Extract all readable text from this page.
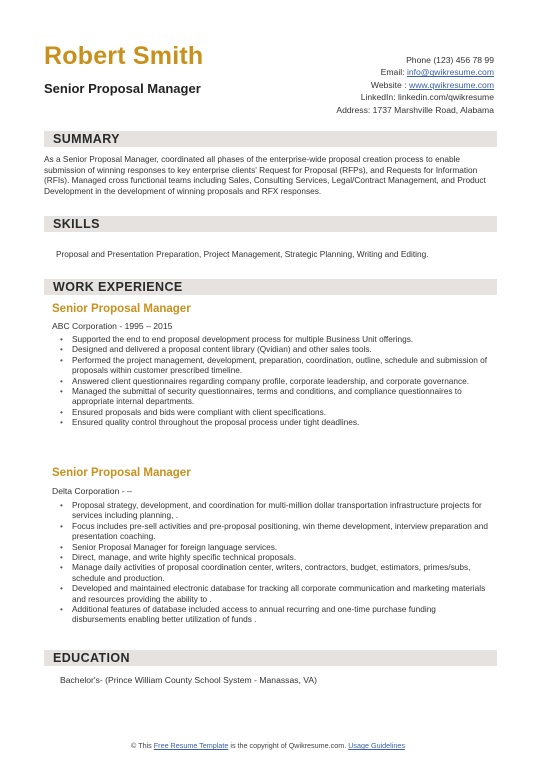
Robert Smith
Senior Proposal Manager
Phone (123) 456 78 99
Email: info@qwikresume.com
Website : www.qwikresume.com
LinkedIn: linkedin.com/qwikresume
Address: 1737 Marshville Road, Alabama
SUMMARY
As a Senior Proposal Manager, coordinated all phases of the enterprise-wide proposal creation process to enable submission of winning responses to key enterprise clients' Request for Proposal (RFPs), and Requests for Information (RFIs). Managed cross functional teams including Sales, Consulting Services, Legal/Contract Management, and Product Development in the development of winning proposals and RFX responses.
SKILLS
Proposal and Presentation Preparation, Project Management, Strategic Planning, Writing and Editing.
WORK EXPERIENCE
Senior Proposal Manager
ABC Corporation - 1995 – 2015
• Supported the end to end proposal development process for multiple Business Unit offerings.
• Designed and delivered a proposal content library (Qvidian) and other sales tools.
• Performed the project management, development, preparation, coordination, outline, schedule and submission of proposals within customer prescribed timeline.
• Answered client questionnaires regarding company profile, corporate leadership, and corporate governance.
• Managed the submittal of security questionnaires, terms and conditions, and compliance questionnaires to appropriate internal departments.
• Ensured proposals and bids were compliant with client specifications.
• Ensured quality control throughout the proposal process under tight deadlines.
Senior Proposal Manager
Delta Corporation - –
• Proposal strategy, development, and coordination for multi-million dollar transportation infrastructure projects for services including planning, .
• Focus includes pre-sell activities and pre-proposal positioning, win theme development, interview preparation and presentation coaching.
• Senior Proposal Manager for foreign language services.
• Direct, manage, and write highly specific technical proposals.
• Manage daily activities of proposal coordination center, writers, contractors, budget, estimators, primes/subs, schedule and production.
• Developed and maintained electronic database for tracking all corporate communication and marketing materials and resources providing the ability to .
• Additional features of database included access to annual recurring and one-time purchase funding disbursements enabling better utilization of funds .
EDUCATION
Bachelor's- (Prince William County School System - Manassas, VA)
© This Free Resume Template is the copyright of Qwikresume.com. Usage Guidelines
